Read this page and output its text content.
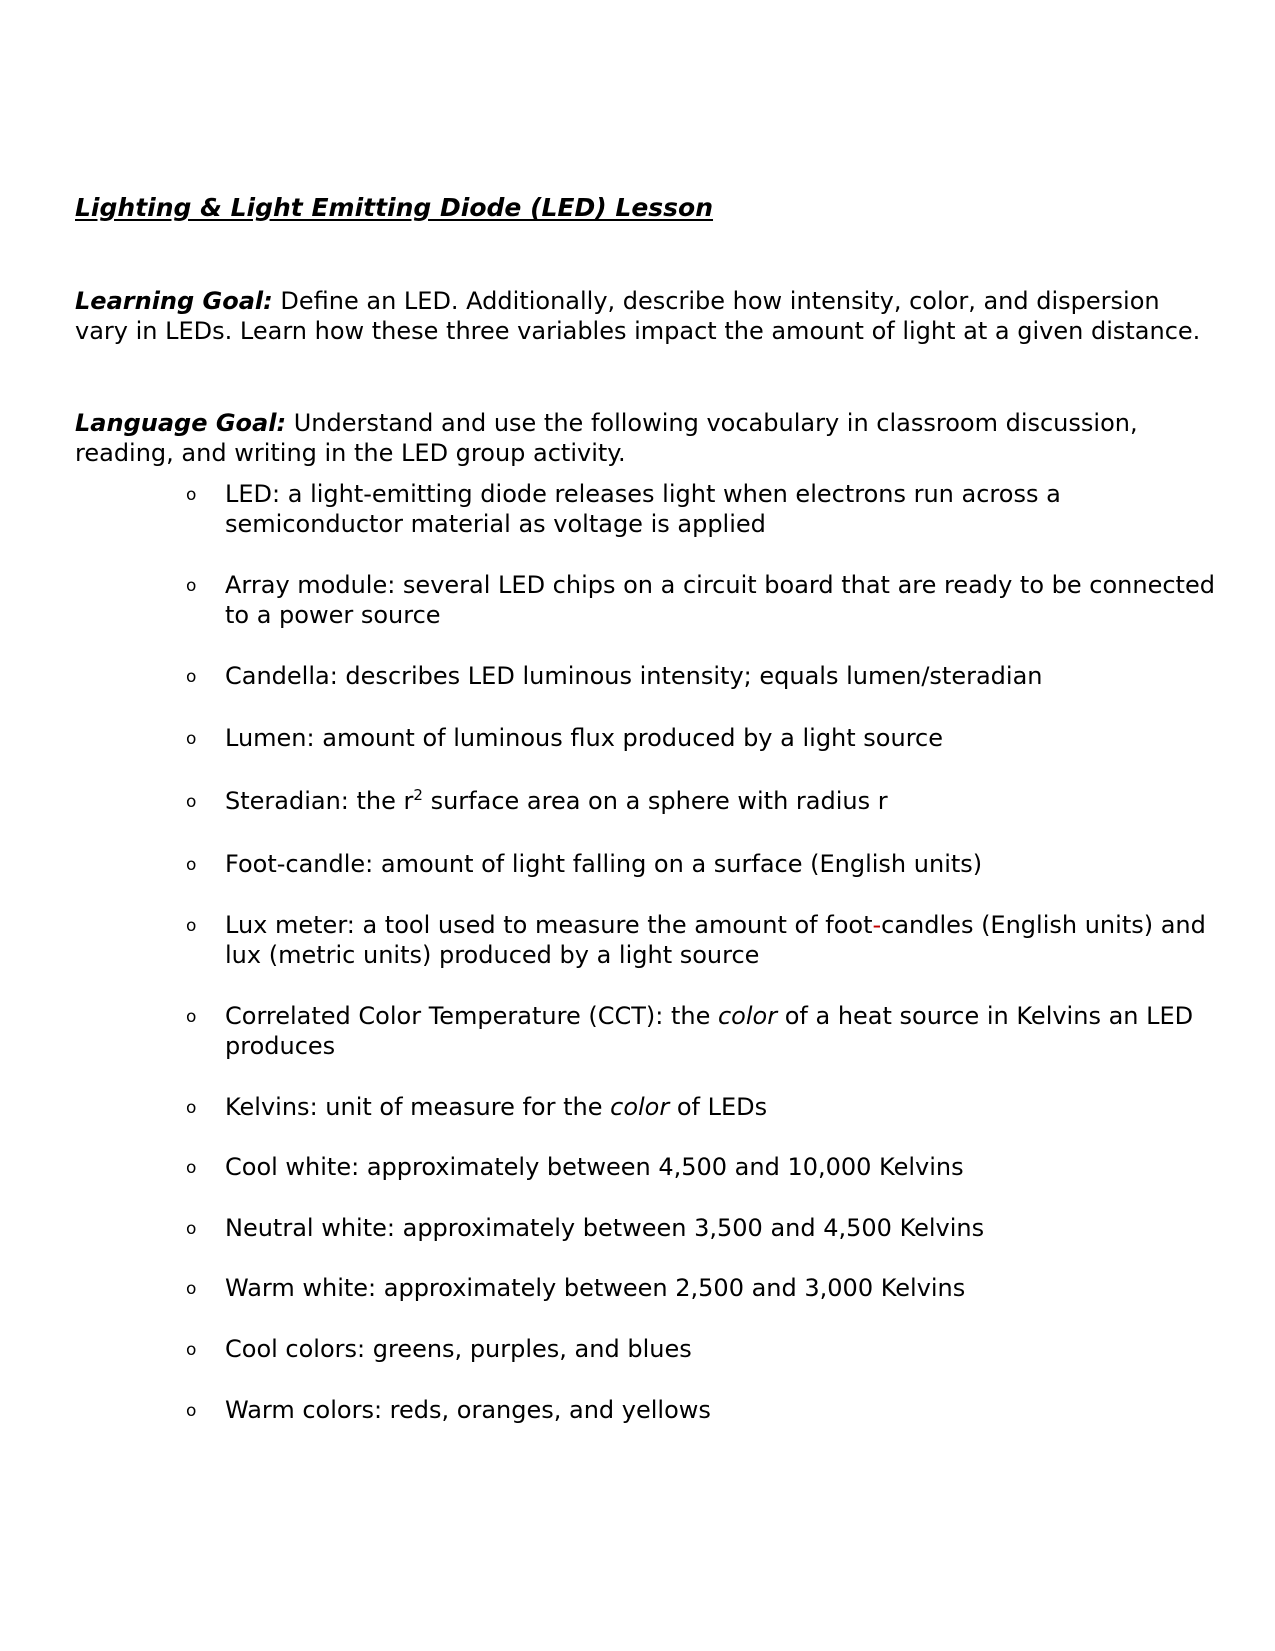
Lighting & Light Emitting Diode (LED) Lesson
Learning Goal: Define an LED. Additionally, describe how intensity, color, and dispersion vary in LEDs. Learn how these three variables impact the amount of light at a given distance.
Language Goal: Understand and use the following vocabulary in classroom discussion, reading, and writing in the LED group activity.
o LED: a light-emitting diode releases light when electrons run across a semiconductor material as voltage is applied
o Array module: several LED chips on a circuit board that are ready to be connected to a power source
o Candella: describes LED luminous intensity; equals lumen/steradian
o Lumen: amount of luminous flux produced by a light source
o Steradian: the $r^2$ surface area on a sphere with radius r
o Foot-candle: amount of light falling on a surface (English units)
o Lux meter: a tool used to measure the amount of foot-candles (English units) and lux (metric units) produced by a light source
o Correlated Color Temperature (CCT): the color of a heat source in Kelvins an LED produces
o Kelvins: unit of measure for the color of LEDs
o Cool white: approximately between 4,500 and 10,000 Kelvins
o Neutral white: approximately between 3,500 and 4,500 Kelvins
o Warm white: approximately between 2,500 and 3,000 Kelvins
o Cool colors: greens, purples, and blues
o Warm colors: reds, oranges, and yellows
